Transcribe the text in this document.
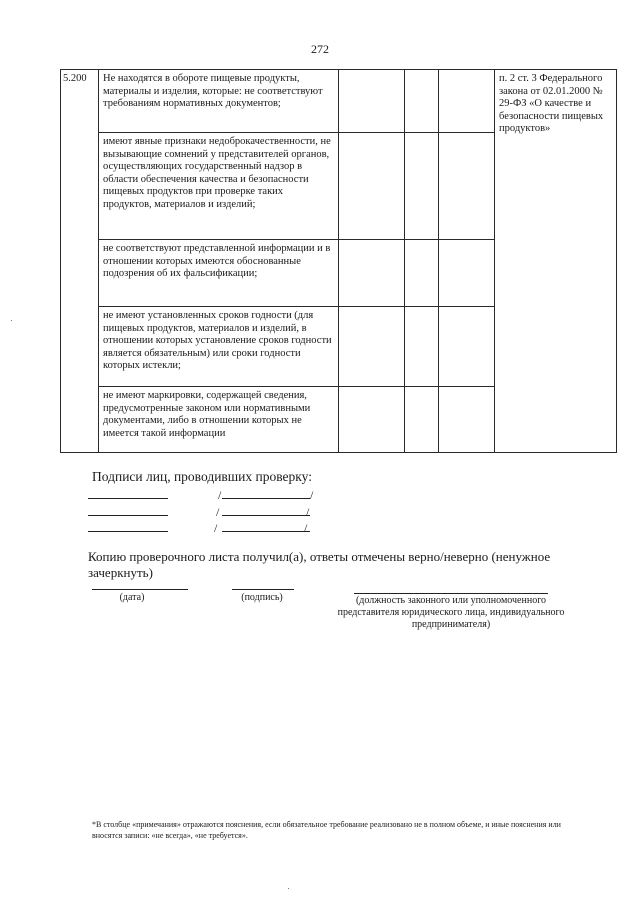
272
5.200	Не находятся в обороте пищевые продукты, материалы и изделия, которые: не соответствуют требованиям нормативных документов;				п. 2 ст. 3 Федерального закона от 02.01.2000 № 29-ФЗ «О качестве и безопасности пищевых продуктов»
	имеют явные признаки недоброкачественности, не вызывающие сомнений у представителей органов, осуществляющих государственный надзор в области обеспечения качества и безопасности пищевых продуктов при проверке таких продуктов, материалов и изделий;				
	не соответствуют представленной информации и в отношении которых имеются обоснованные подозрения об их фальсификации;				
	не имеют установленных сроков годности (для пищевых продуктов, материалов и изделий, в отношении которых установление сроков годности является обязательным) или сроки годности которых истекли;				
	не имеют маркировки, содержащей сведения, предусмотренные законом или нормативными документами, либо в отношении которых не имеется такой информации				
Подписи лиц, проводивших проверку:
/	/
/	/
/	/
Копию проверочного листа получил(а), ответы отмечены верно/неверно (ненужное зачеркнуть)
(дата)	(подпись)	(должность законного или уполномоченного представителя юридического лица, индивидуального предпринимателя)
*В столбце «примечания» отражаются пояснения, если обязательное требование реализовано не в полном объеме, и иные пояснения или вносятся записи: «не всегда», «не требуется».
